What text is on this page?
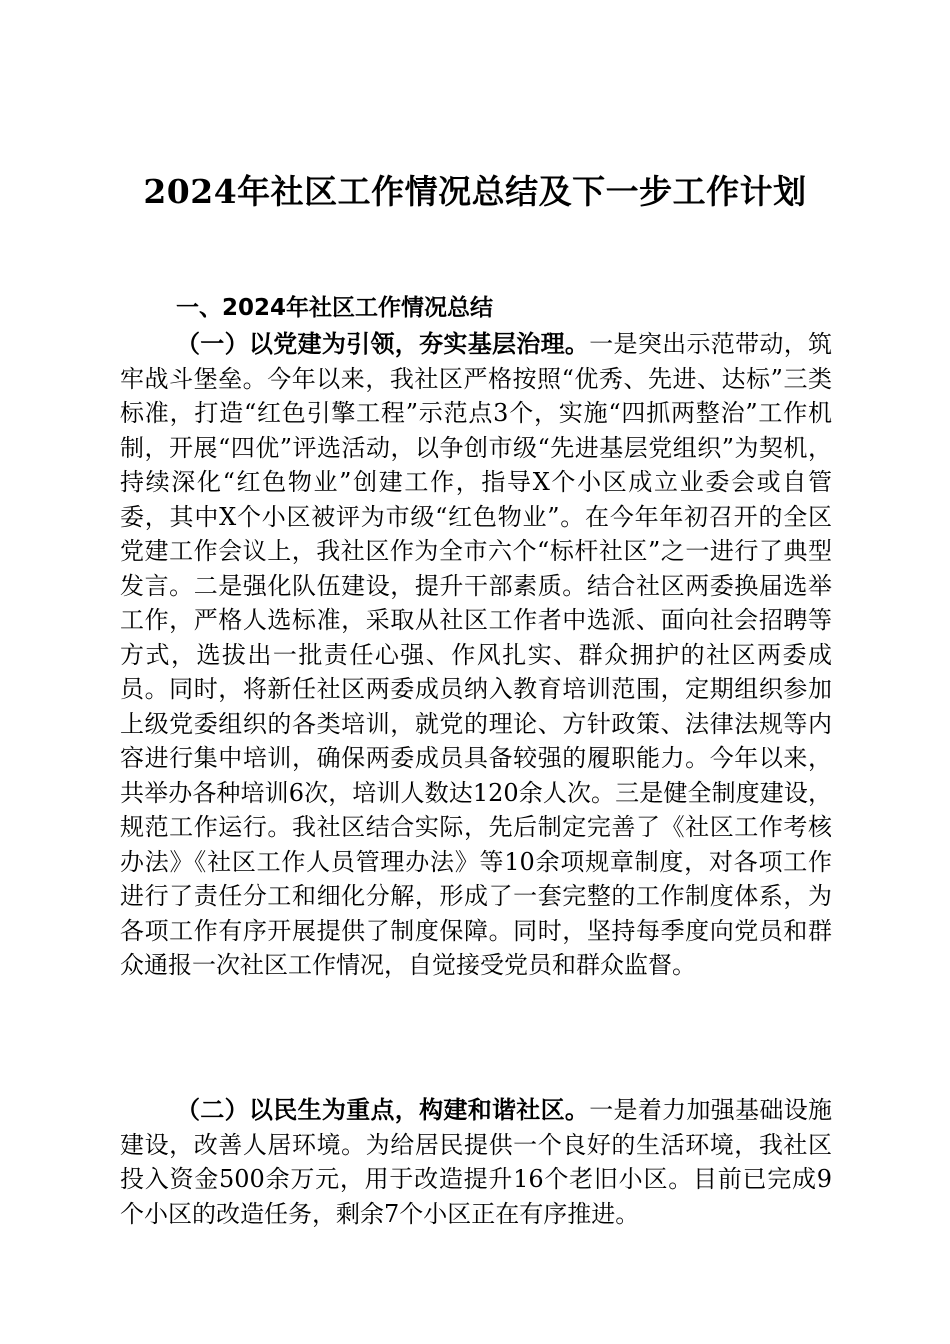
2024年社区工作情况总结及下一步工作计划
一、2024年社区工作情况总结

（一）以党建为引领，夯实基层治理。一是突出示范带动，筑牢战斗堡垒。今年以来，我社区严格按照“优秀、先进、达标”三类标准，打造“红色引擎工程”示范点3个，实施“四抓两整治”工作机制，开展“四优”评选活动，以争创市级“先进基层党组织”为契机，持续深化“红色物业”创建工作，指导X个小区成立业委会或自管委，其中X个小区被评为市级“红色物业”。在今年年初召开的全区党建工作会议上，我社区作为全市六个“标杆社区”之一进行了典型发言。二是强化队伍建设，提升干部素质。结合社区两委换届选举工作，严格人选标准，采取从社区工作者中选派、面向社会招聘等方式，选拔出一批责任心强、作风扎实、群众拥护的社区两委成员。同时，将新任社区两委成员纳入教育培训范围，定期组织参加上级党委组织的各类培训，就党的理论、方针政策、法律法规等内容进行集中培训，确保两委成员具备较强的履职能力。今年以来，共举办各种培训6次，培训人数达120余人次。三是健全制度建设，规范工作运行。我社区结合实际，先后制定完善了《社区工作考核办法》《社区工作人员管理办法》等10余项规章制度，对各项工作进行了责任分工和细化分解，形成了一套完整的工作制度体系，为各项工作有序开展提供了制度保障。同时，坚持每季度向党员和群众通报一次社区工作情况，自觉接受党员和群众监督。

（二）以民生为重点，构建和谐社区。一是着力加强基础设施建设，改善人居环境。为给居民提供一个良好的生活环境，我社区投入资金500余万元，用于改造提升16个老旧小区。目前已完成9个小区的改造任务，剩余7个小区正在有序推进。
